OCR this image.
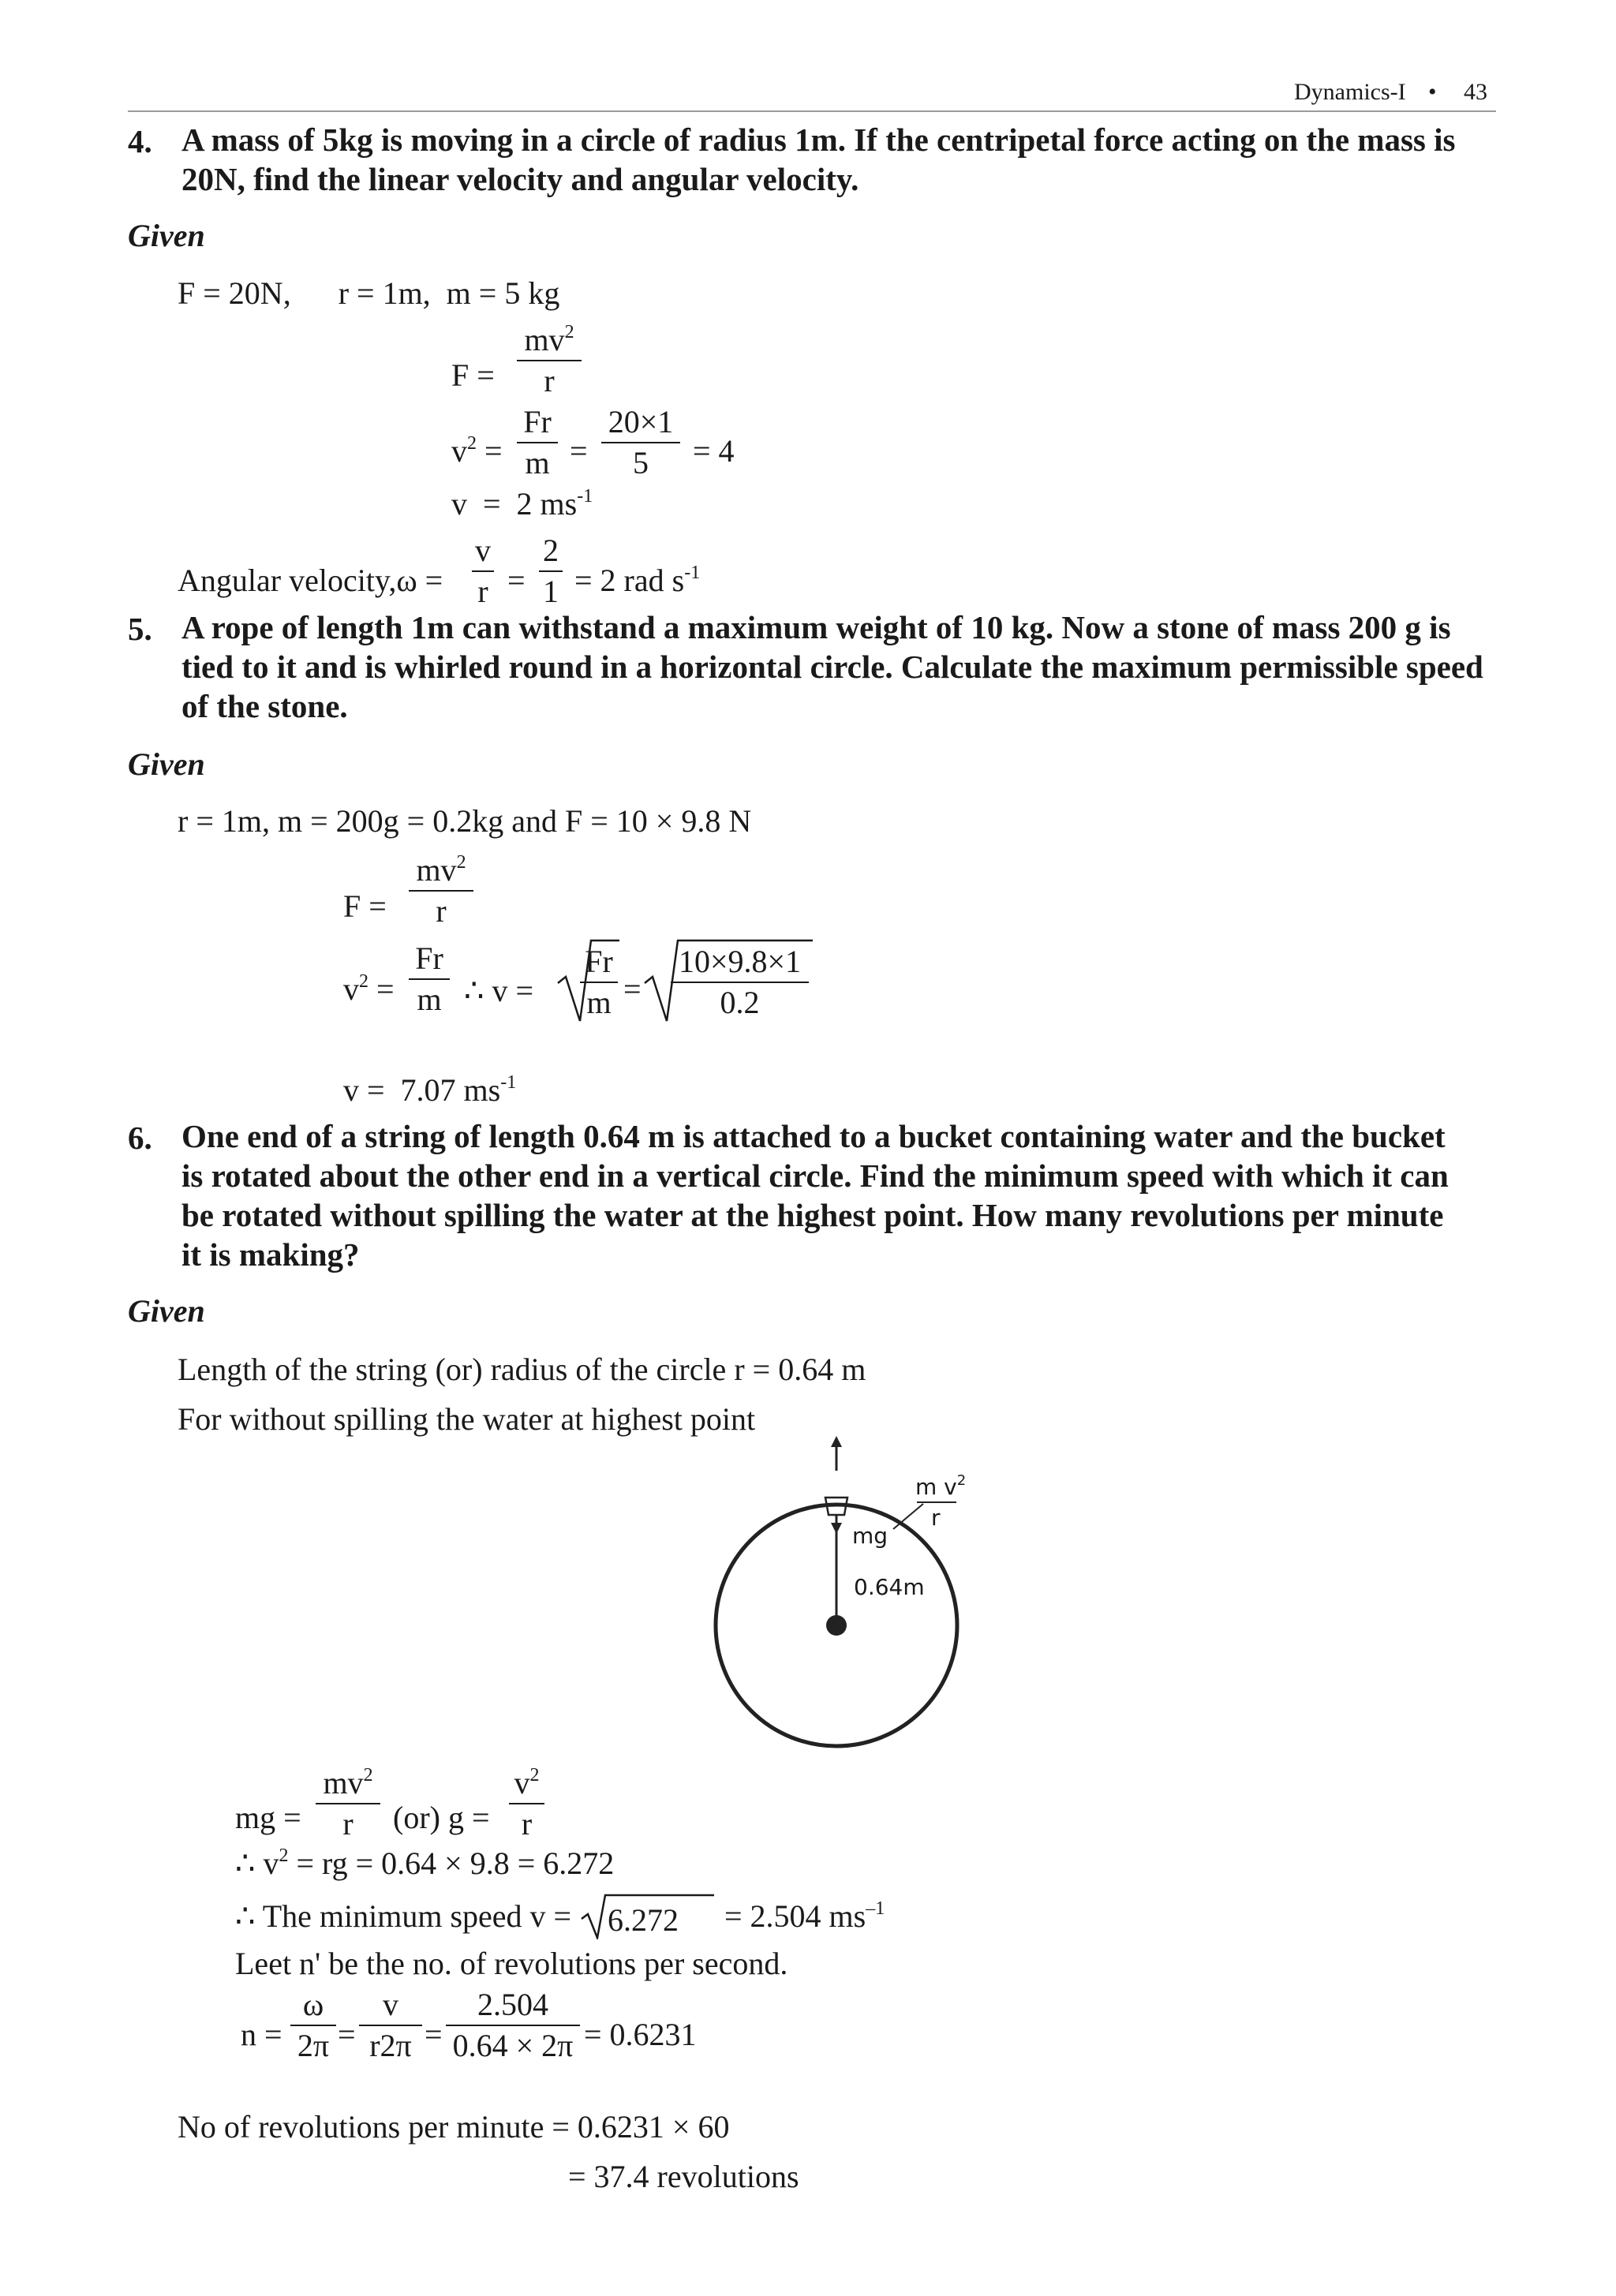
Dynamics-I • 43
4. A mass of 5kg is moving in a circle of radius 1m. If the centripetal force acting on the mass is
20N, find the linear velocity and angular velocity.
Given
F = 20N,      r = 1m,  m = 5 kg
F =
$mv^2$
r
$v^2$ =
Fr
m =
20×1
5	= 4
v  =  2 $ms^{-1}$
Angular velocity,ω =
v
r =
2
1 = 2 rad $s^{-1}$
5. A rope of length 1m can withstand a maximum weight of 10 kg. Now a stone of mass 200 g is
tied to it and is whirled round in a horizontal circle. Calculate the maximum permissible speed
of the stone.
Given
r = 1m, m = 200g = 0.2kg and F = 10 × 9.8 N
F =
$mv^2$
r
$v^2$ =
Fr
m ∴ v =
Fr
m =
10×9.8×1
0.2
v =  7.07 $ms^{-1}$
6. One end of a string of length 0.64 m is attached to a bucket containing water and the bucket
is rotated about the other end in a vertical circle. Find the minimum speed with which it can
be rotated without spilling the water at the highest point. How many revolutions per minute
it is making?
Given
Length of the string (or) radius of the circle r = 0.64 m
For without spilling the water at highest point
m $v^2$
r
mg
0.64m
mg =
$mv^2$
r	(or) g =
$v^2$
r
∴ $v^2$ = rg = 0.64 × 9.8 = 6.272
∴ The minimum speed v = 6.272 = 2.504 $ms^{-1}$
Leet n' be the no. of revolutions per second.
n =
ω
2π =
v
r2π =
2.504
0.64 × 2π = 0.6231
No of revolutions per minute = 0.6231 × 60
= 37.4 revolutions
